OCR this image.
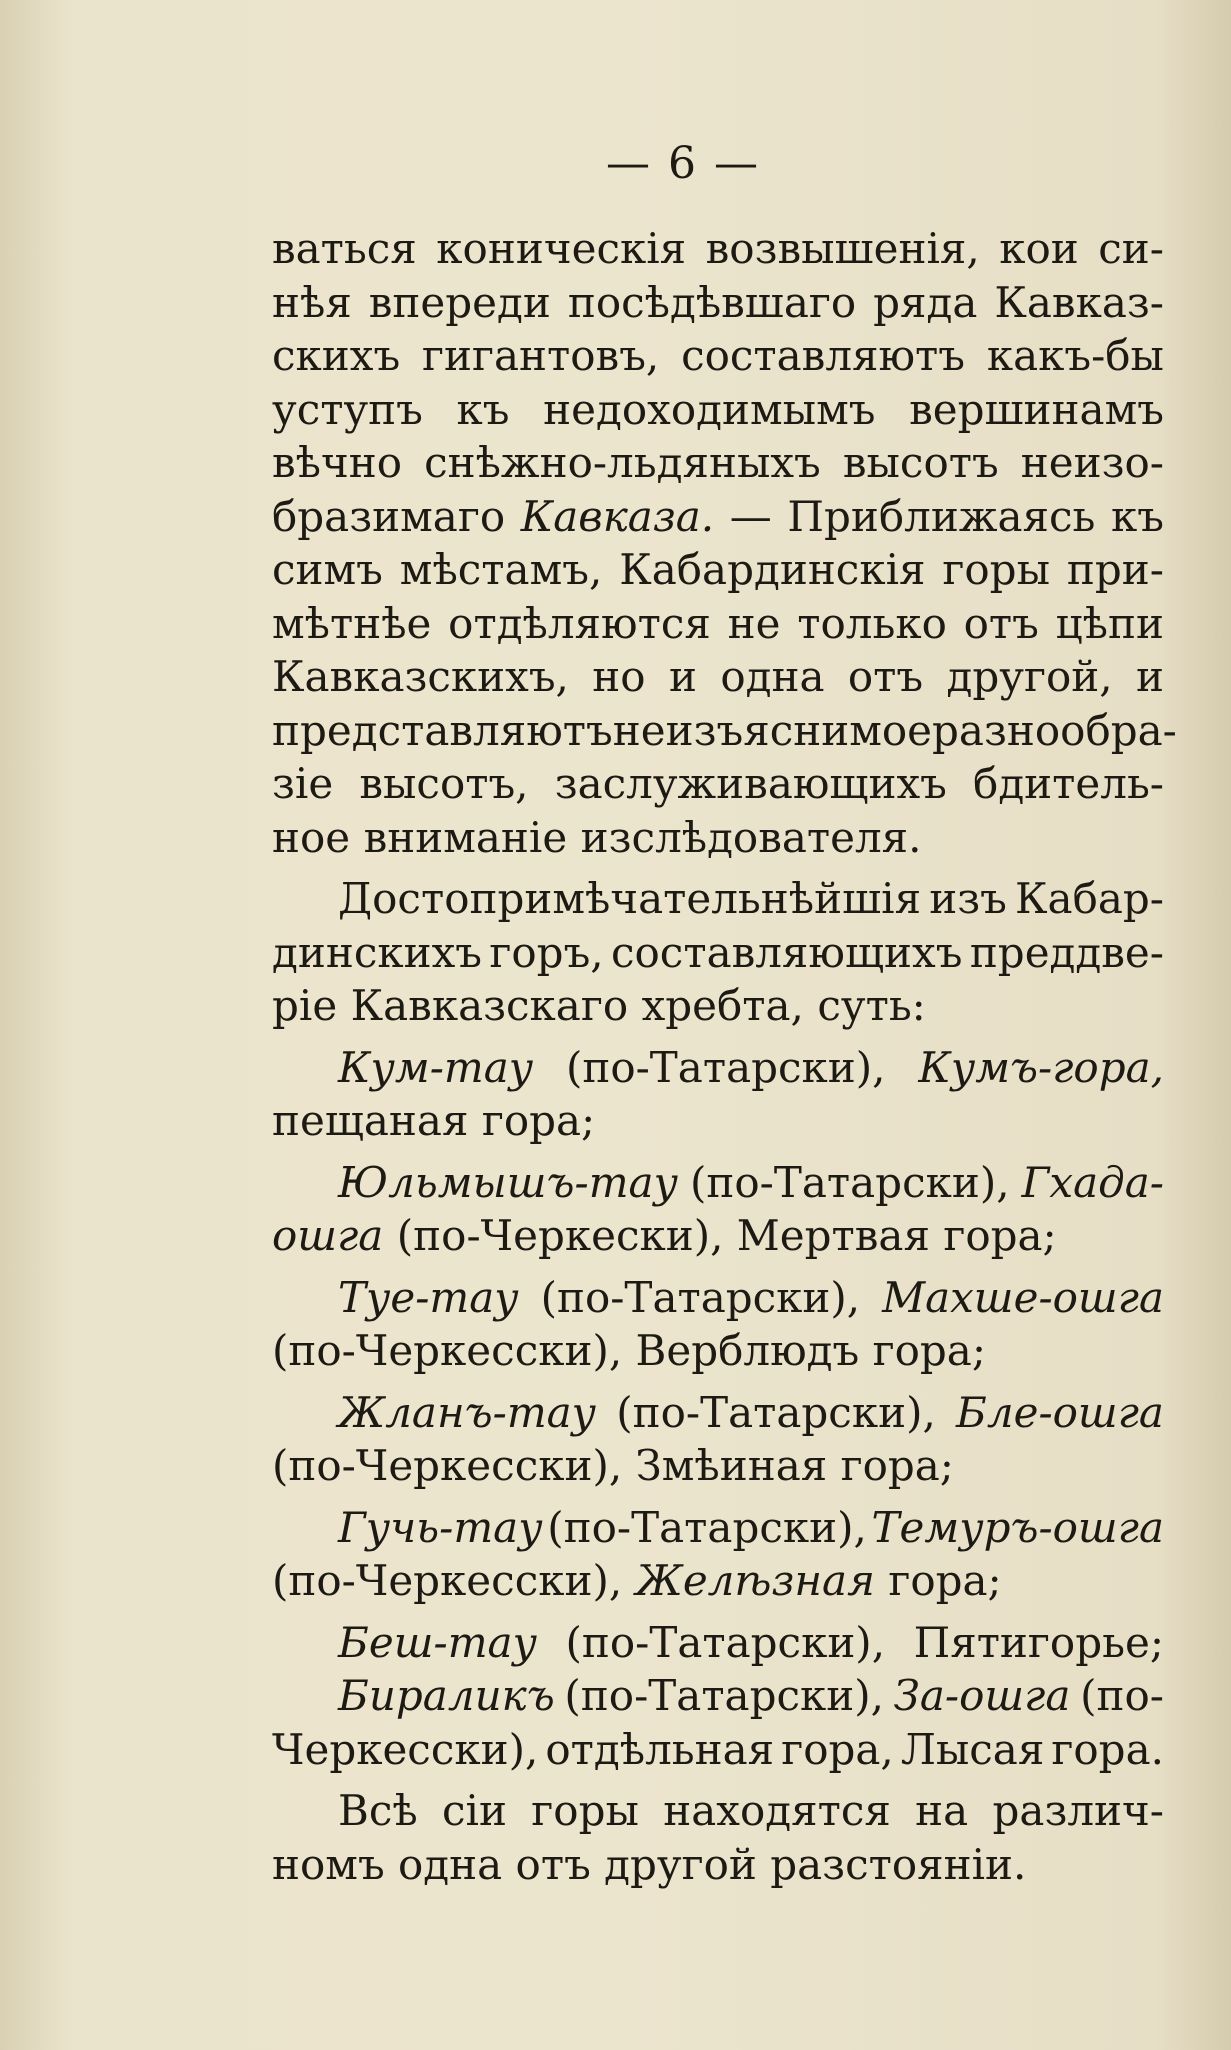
— 6 —
ваться коническія возвышенія, кои си-
нѣя впереди посѣдѣвшаго ряда Кавказ-
скихъ гигантовъ, составляютъ какъ-бы
уступъ къ недоходимымъ вершинамъ
вѣчно снѣжно-льдяныхъ высотъ неизо-
бразимаго Кавказа. — Приближаясь къ
симъ мѣстамъ, Кабардинскія горы при-
мѣтнѣе отдѣляются не только отъ цѣпи
Кавказскихъ, но и одна отъ другой, и
представляютъ неизъяснимое разнообра-
зіе высотъ, заслуживающихъ бдитель-
ное вниманіе изслѣдователя.
Достопримѣчательнѣйшія изъ Кабар-
динскихъ горъ, составляющихъ преддве-
ріе Кавказскаго хребта, суть:
Кум-тау (по-Татарски), Кумъ-гора,
пещаная гора;
Юльмышъ-тау (по-Татарски), Гхада-
ошга (по-Черкески), Мертвая гора;
Туе-тау (по-Татарски), Махше-ошга
(по-Черкесски), Верблюдъ гора;
Жланъ-тау (по-Татарски), Бле-ошга
(по-Черкесски), Змѣиная гора;
Гучь-тау (по-Татарски), Темуръ-ошга
(по-Черкесски), Желѣзная гора;
Беш-тау (по-Татарски), Пятигорье;
Бираликъ (по-Татарски), За-ошга (по-
Черкесски), отдѣльная гора, Лысая гора.
Всѣ сіи горы находятся на различ-
номъ одна отъ другой разстояніи.
